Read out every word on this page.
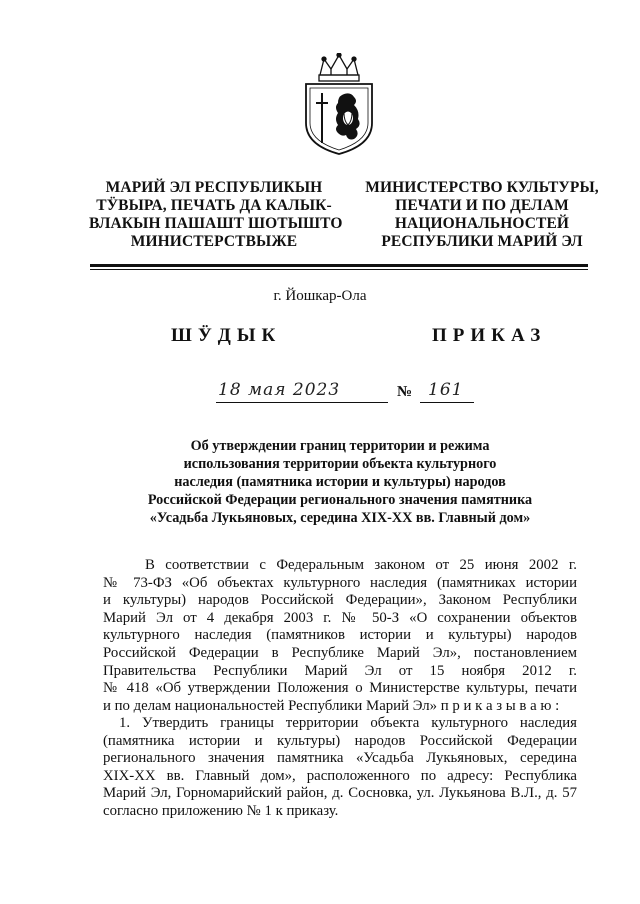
МАРИЙ ЭЛ РЕСПУБЛИКЫН
ТӰВЫРА, ПЕЧАТЬ ДА КАЛЫК-
ВЛАКЫН ПАШАШТ ШОТЫШТО
МИНИСТЕРСТВЫЖЕ
МИНИСТЕРСТВО КУЛЬТУРЫ,
ПЕЧАТИ И ПО ДЕЛАМ
НАЦИОНАЛЬНОСТЕЙ
РЕСПУБЛИКИ МАРИЙ ЭЛ
г. Йошкар-Ола
ШӰДЫК	ПРИКАЗ
18 мая 2023	№ 161
Об утверждении границ территории и режима
использования территории объекта культурного
наследия (памятника истории и культуры) народов
Российской Федерации регионального значения памятника
«Усадьба Лукьяновых, середина XIX-XX вв. Главный дом»
В соответствии с Федеральным законом от 25 июня 2002 г.
№ 73-ФЗ «Об объектах культурного наследия (памятниках истории
и культуры) народов Российской Федерации», Законом Республики
Марий Эл от 4 декабря 2003 г. № 50-З «О сохранении объектов
культурного наследия (памятников истории и культуры) народов
Российской Федерации в Республике Марий Эл», постановлением
Правительства Республики Марий Эл от 15 ноября 2012 г.
№ 418 «Об утверждении Положения о Министерстве культуры, печати
и по делам национальностей Республики Марий Эл» п р и к а з ы в а ю :
1. Утвердить границы территории объекта культурного наследия
(памятника истории и культуры) народов Российской Федерации
регионального значения памятника «Усадьба Лукьяновых, середина
XIX-XX вв. Главный дом», расположенного по адресу: Республика
Марий Эл, Горномарийский район, д. Сосновка, ул. Лукьянова В.Л., д. 57
согласно приложению № 1 к приказу.
